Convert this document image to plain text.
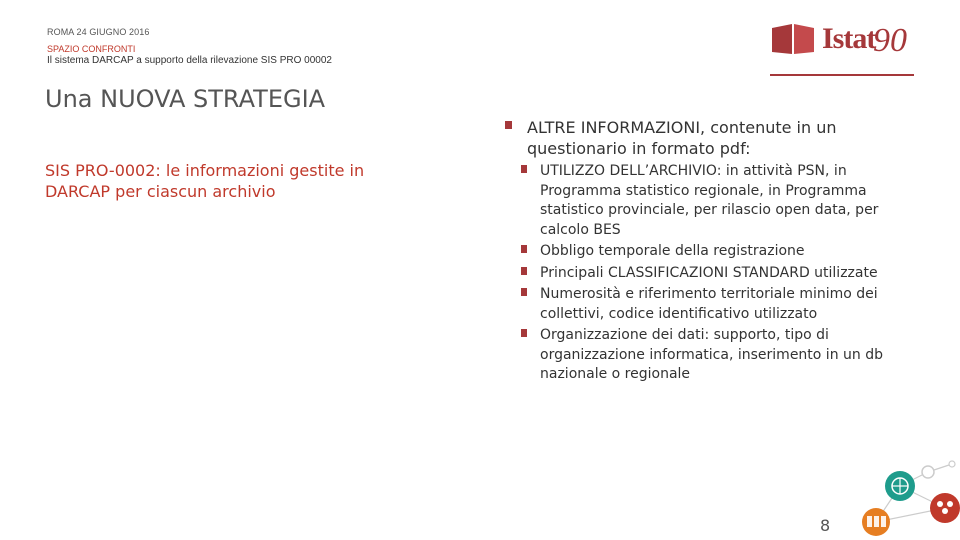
ROMA 24 GIUGNO 2016
SPAZIO CONFRONTI
Il sistema DARCAP a supporto della rilevazione SIS PRO 00002
Istat
90
Una NUOVA STRATEGIA
SIS PRO-0002: le informazioni gestite in DARCAP per ciascun archivio
ALTRE INFORMAZIONI, contenute in un questionario in formato pdf:
UTILIZZO DELL’ARCHIVIO: in attività PSN, in Programma statistico regionale, in Programma statistico provinciale, per rilascio open data, per calcolo BES
Obbligo temporale della registrazione
Principali CLASSIFICAZIONI STANDARD utilizzate
Numerosità e riferimento territoriale minimo dei collettivi, codice identificativo utilizzato
Organizzazione dei dati: supporto, tipo di organizzazione informatica, inserimento in un db nazionale o regionale
8
